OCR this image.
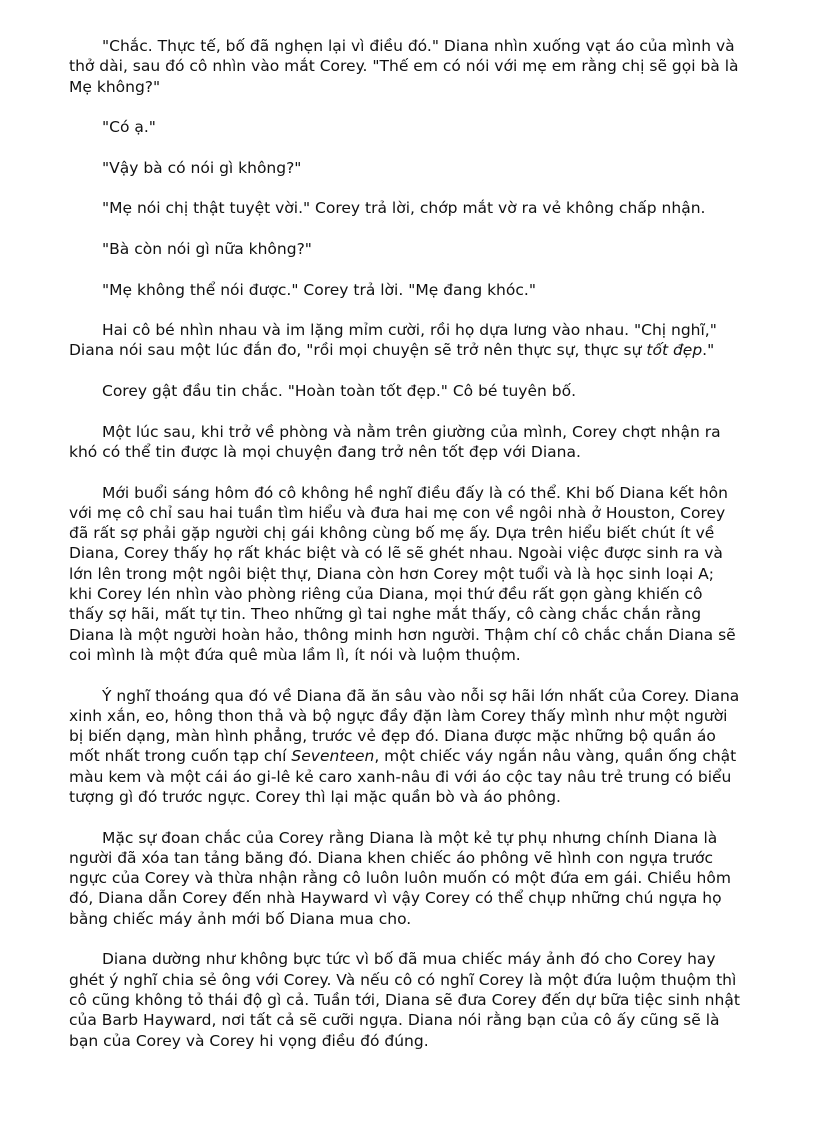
"Chắc. Thực tế, bố đã nghẹn lại vì điều đó." Diana nhìn xuống vạt áo của mình và thở dài, sau đó cô nhìn vào mắt Corey. "Thế em có nói với mẹ em rằng chị sẽ gọi bà là Mẹ không?"

"Có ạ."

"Vậy bà có nói gì không?"

"Mẹ nói chị thật tuyệt vời." Corey trả lời, chớp mắt vờ ra vẻ không chấp nhận.

"Bà còn nói gì nữa không?"

"Mẹ không thể nói được." Corey trả lời. "Mẹ đang khóc."

Hai cô bé nhìn nhau và im lặng mỉm cười, rồi họ dựa lưng vào nhau. "Chị nghĩ," Diana nói sau một lúc đắn đo, "rồi mọi chuyện sẽ trở nên thực sự, thực sự tốt đẹp."

Corey gật đầu tin chắc. "Hoàn toàn tốt đẹp." Cô bé tuyên bố.

Một lúc sau, khi trở về phòng và nằm trên giường của mình, Corey chợt nhận ra khó có thể tin được là mọi chuyện đang trở nên tốt đẹp với Diana.

Mới buổi sáng hôm đó cô không hề nghĩ điều đấy là có thể. Khi bố Diana kết hôn với mẹ cô chỉ sau hai tuần tìm hiểu và đưa hai mẹ con về ngôi nhà ở Houston, Corey đã rất sợ phải gặp người chị gái không cùng bố mẹ ấy. Dựa trên hiểu biết chút ít về Diana, Corey thấy họ rất khác biệt và có lẽ sẽ ghét nhau. Ngoài việc được sinh ra và lớn lên trong một ngôi biệt thự, Diana còn hơn Corey một tuổi và là học sinh loại A; khi Corey lén nhìn vào phòng riêng của Diana, mọi thứ đều rất gọn gàng khiến cô thấy sợ hãi, mất tự tin. Theo những gì tai nghe mắt thấy, cô càng chắc chắn rằng Diana là một người hoàn hảo, thông minh hơn người. Thậm chí cô chắc chắn Diana sẽ coi mình là một đứa quê mùa lầm lì, ít nói và luộm thuộm.

Ý nghĩ thoáng qua đó về Diana đã ăn sâu vào nỗi sợ hãi lớn nhất của Corey. Diana xinh xắn, eo, hông thon thả và bộ ngực đầy đặn làm Corey thấy mình như một người bị biến dạng, màn hình phẳng, trước vẻ đẹp đó. Diana được mặc những bộ quần áo mốt nhất trong cuốn tạp chí Seventeen, một chiếc váy ngắn nâu vàng, quần ống chật màu kem và một cái áo gi-lê kẻ caro xanh-nâu đi với áo cộc tay nâu trẻ trung có biểu tượng gì đó trước ngực. Corey thì lại mặc quần bò và áo phông.

Mặc sự đoan chắc của Corey rằng Diana là một kẻ tự phụ nhưng chính Diana là người đã xóa tan tảng băng đó. Diana khen chiếc áo phông vẽ hình con ngựa trước ngực của Corey và thừa nhận rằng cô luôn luôn muốn có một đứa em gái. Chiều hôm đó, Diana dẫn Corey đến nhà Hayward vì vậy Corey có thể chụp những chú ngựa họ bằng chiếc máy ảnh mới bố Diana mua cho.

Diana dường như không bực tức vì bố đã mua chiếc máy ảnh đó cho Corey hay ghét ý nghĩ chia sẻ ông với Corey. Và nếu cô có nghĩ Corey là một đứa luộm thuộm thì cô cũng không tỏ thái độ gì cả. Tuần tới, Diana sẽ đưa Corey đến dự bữa tiệc sinh nhật của Barb Hayward, nơi tất cả sẽ cưỡi ngựa. Diana nói rằng bạn của cô ấy cũng sẽ là bạn của Corey và Corey hi vọng điều đó đúng.
